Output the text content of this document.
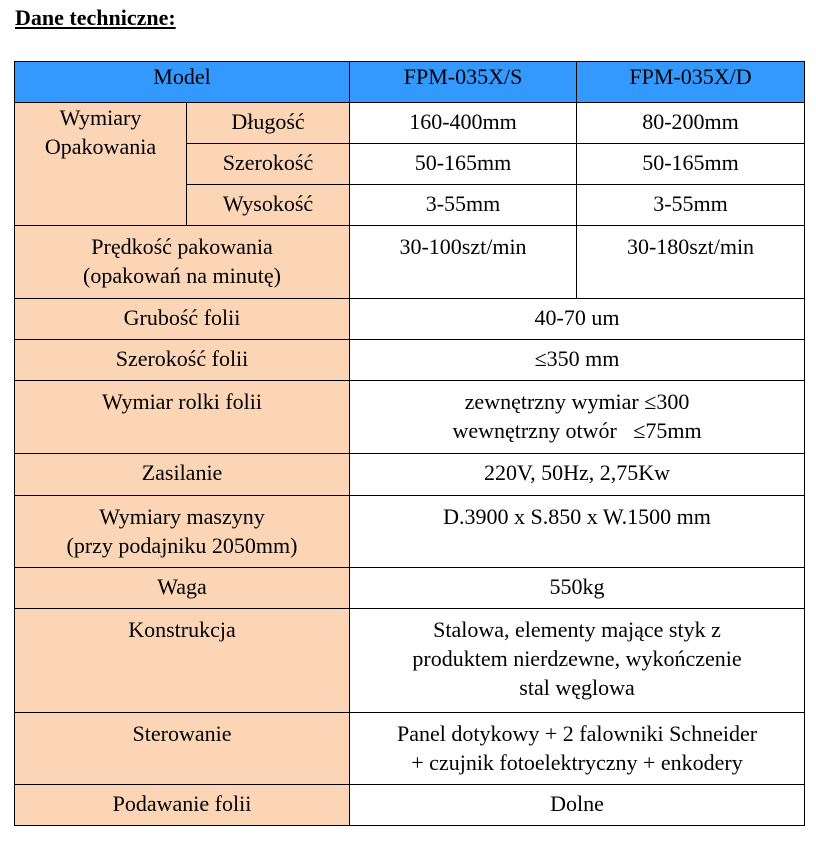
Dane techniczne:
Model		FPM-035X/S	FPM-035X/D

Wymiary
Opakowania	Długość	160-400mm	80-200mm
	Szerokość	50-165mm	50-165mm
	Wysokość	3-55mm	3-55mm

Prędkość pakowania
(opakowań na minutę)		30-100szt/min	30-180szt/min
Grubość folii		40-70 um	
Szerokość folii		≤350 mm	
Wymiar rolki folii		zewnętrzny wymiar ≤300
wewnętrzny otwór   ≤75mm	

Zasilanie		220V, 50Hz, 2,75Kw	

Wymiary maszyny
(przy podajniku 2050mm)		D.3900 x S.850 x W.1500 mm	
Waga		550kg	
Konstrukcja		Stalowa, elementy mające styk z
produktem nierdzewne, wykończenie
stal węglowa	

Sterowanie		Panel dotykowy + 2 falowniki Schneider
+ czujnik fotoelektryczny + enkodery	

Podawanie folii		Dolne	
